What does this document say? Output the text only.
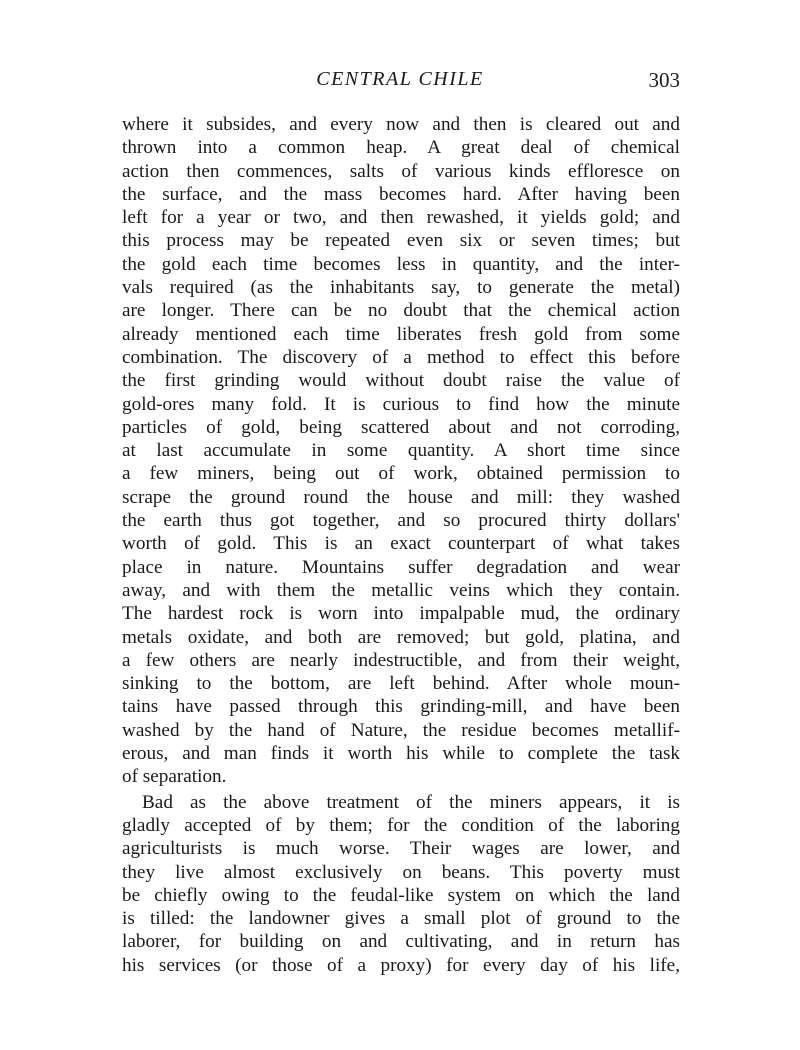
CENTRAL CHILE	303
where it subsides, and every now and then is cleared out and
thrown into a common heap. A great deal of chemical
action then commences, salts of various kinds effloresce on
the surface, and the mass becomes hard. After having been
left for a year or two, and then rewashed, it yields gold; and
this process may be repeated even six or seven times; but
the gold each time becomes less in quantity, and the inter-
vals required (as the inhabitants say, to generate the metal)
are longer. There can be no doubt that the chemical action
already mentioned each time liberates fresh gold from some
combination. The discovery of a method to effect this before
the first grinding would without doubt raise the value of
gold-ores many fold. It is curious to find how the minute
particles of gold, being scattered about and not corroding,
at last accumulate in some quantity. A short time since
a few miners, being out of work, obtained permission to
scrape the ground round the house and mill: they washed
the earth thus got together, and so procured thirty dollars'
worth of gold. This is an exact counterpart of what takes
place in nature. Mountains suffer degradation and wear
away, and with them the metallic veins which they contain.
The hardest rock is worn into impalpable mud, the ordinary
metals oxidate, and both are removed; but gold, platina, and
a few others are nearly indestructible, and from their weight,
sinking to the bottom, are left behind. After whole moun-
tains have passed through this grinding-mill, and have been
washed by the hand of Nature, the residue becomes metallif-
erous, and man finds it worth his while to complete the task
of separation.
Bad as the above treatment of the miners appears, it is
gladly accepted of by them; for the condition of the laboring
agriculturists is much worse. Their wages are lower, and
they live almost exclusively on beans. This poverty must
be chiefly owing to the feudal-like system on which the land
is tilled: the landowner gives a small plot of ground to the
laborer, for building on and cultivating, and in return has
his services (or those of a proxy) for every day of his life,
